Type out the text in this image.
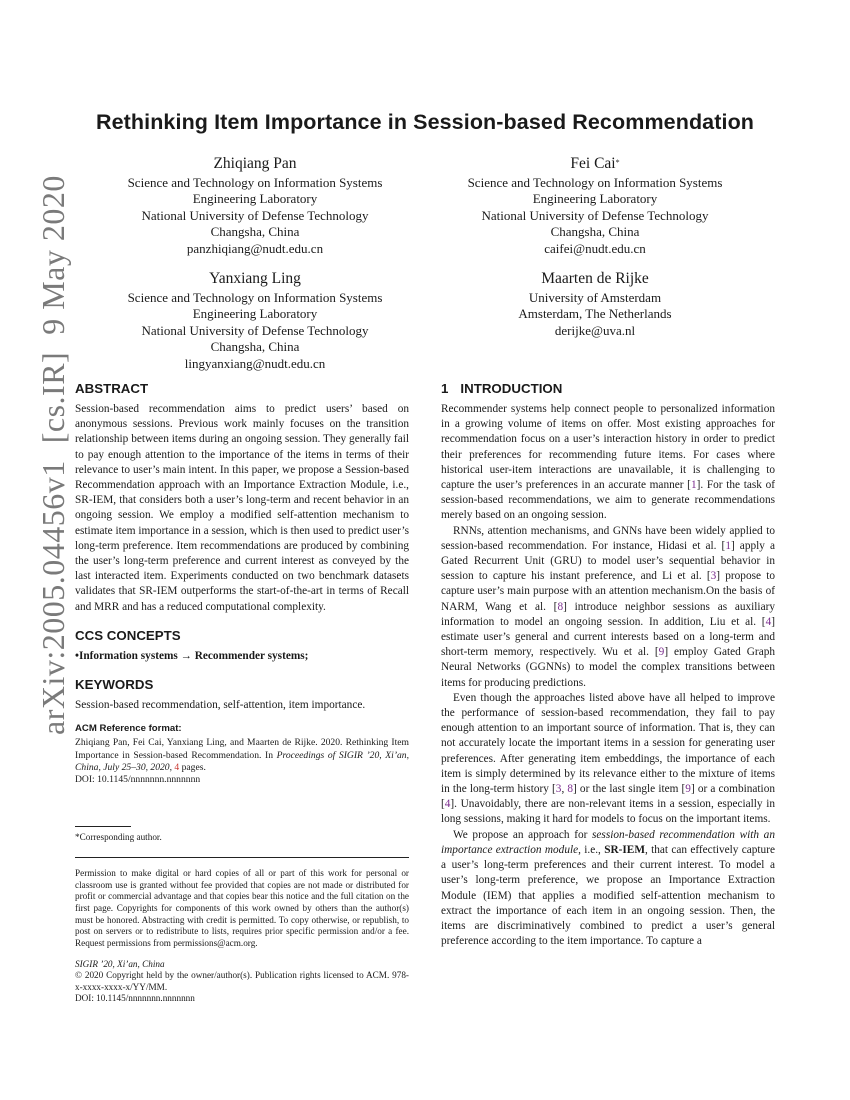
arXiv:2005.04456v1  [cs.IR]  9 May 2020
Rethinking Item Importance in Session-based Recommendation
Zhiqiang Pan
Science and Technology on Information Systems
Engineering Laboratory
National University of Defense Technology
Changsha, China
panzhiqiang@nudt.edu.cn
Fei Cai*
Science and Technology on Information Systems
Engineering Laboratory
National University of Defense Technology
Changsha, China
caifei@nudt.edu.cn
Yanxiang Ling
Science and Technology on Information Systems
Engineering Laboratory
National University of Defense Technology
Changsha, China
lingyanxiang@nudt.edu.cn
Maarten de Rijke
University of Amsterdam
Amsterdam, The Netherlands
derijke@uva.nl
ABSTRACT

Session-based recommendation aims to predict users’ based on anonymous sessions. Previous work mainly focuses on the transition relationship between items during an ongoing session. They generally fail to pay enough attention to the importance of the items in terms of their relevance to user’s main intent. In this paper, we propose a Session-based Recommendation approach with an Importance Extraction Module, i.e., SR-IEM, that considers both a user’s long-term and recent behavior in an ongoing session. We employ a modified self-attention mechanism to estimate item importance in a session, which is then used to predict user’s long-term preference. Item recommendations are produced by combining the user’s long-term preference and current interest as conveyed by the last interacted item. Experiments conducted on two benchmark datasets validates that SR-IEM outperforms the start-of-the-art in terms of Recall and MRR and has a reduced computational complexity.

CCS CONCEPTS

•Information systems → Recommender systems;

KEYWORDS

Session-based recommendation, self-attention, item importance.

ACM Reference format:

Zhiqiang Pan, Fei Cai, Yanxiang Ling, and Maarten de Rijke. 2020. Rethinking Item Importance in Session-based Recommendation. In Proceedings of SIGIR ’20, Xi’an, China, July 25–30, 2020, 4 pages.

DOI: 10.1145/nnnnnnn.nnnnnnn
*Corresponding author.

Permission to make digital or hard copies of all or part of this work for personal or classroom use is granted without fee provided that copies are not made or distributed for profit or commercial advantage and that copies bear this notice and the full citation on the first page. Copyrights for components of this work owned by others than the author(s) must be honored. Abstracting with credit is permitted. To copy otherwise, or republish, to post on servers or to redistribute to lists, requires prior specific permission and/or a fee. Request permissions from permissions@acm.org.

SIGIR ’20, Xi’an, China
© 2020 Copyright held by the owner/author(s). Publication rights licensed to ACM. 978-x-xxxx-xxxx-x/YY/MM.
DOI: 10.1145/nnnnnnn.nnnnnnn
1 INTRODUCTION

Recommender systems help connect people to personalized information in a growing volume of items on offer. Most existing approaches for recommendation focus on a user’s interaction history in order to predict their preferences for recommending future items. For cases where historical user-item interactions are unavailable, it is challenging to capture the user’s preferences in an accurate manner [1]. For the task of session-based recommendations, we aim to generate recommendations merely based on an ongoing session.

RNNs, attention mechanisms, and GNNs have been widely applied to session-based recommendation. For instance, Hidasi et al. [1] apply a Gated Recurrent Unit (GRU) to model user’s sequential behavior in session to capture his instant preference, and Li et al. [3] propose to capture user’s main purpose with an attention mechanism.On the basis of NARM, Wang et al. [8] introduce neighbor sessions as auxiliary information to model an ongoing session. In addition, Liu et al. [4] estimate user’s general and current interests based on a long-term and short-term memory, respectively. Wu et al. [9] employ Gated Graph Neural Networks (GGNNs) to model the complex transitions between items for producing predictions.

Even though the approaches listed above have all helped to improve the performance of session-based recommendation, they fail to pay enough attention to an important source of information. That is, they can not accurately locate the important items in a session for generating user preferences. After generating item embeddings, the importance of each item is simply determined by its relevance either to the mixture of items in the long-term history [3, 8] or the last single item [9] or a combination [4]. Unavoidably, there are non-relevant items in a session, especially in long sessions, making it hard for models to focus on the important items.

We propose an approach for session-based recommendation with an importance extraction module, i.e., SR-IEM, that can effectively capture a user’s long-term preferences and their current interest. To model a user’s long-term preference, we propose an Importance Extraction Module (IEM) that applies a modified self-attention mechanism to extract the importance of each item in an ongoing session. Then, the items are discriminatively combined to predict a user’s general preference according to the item importance. To capture a
